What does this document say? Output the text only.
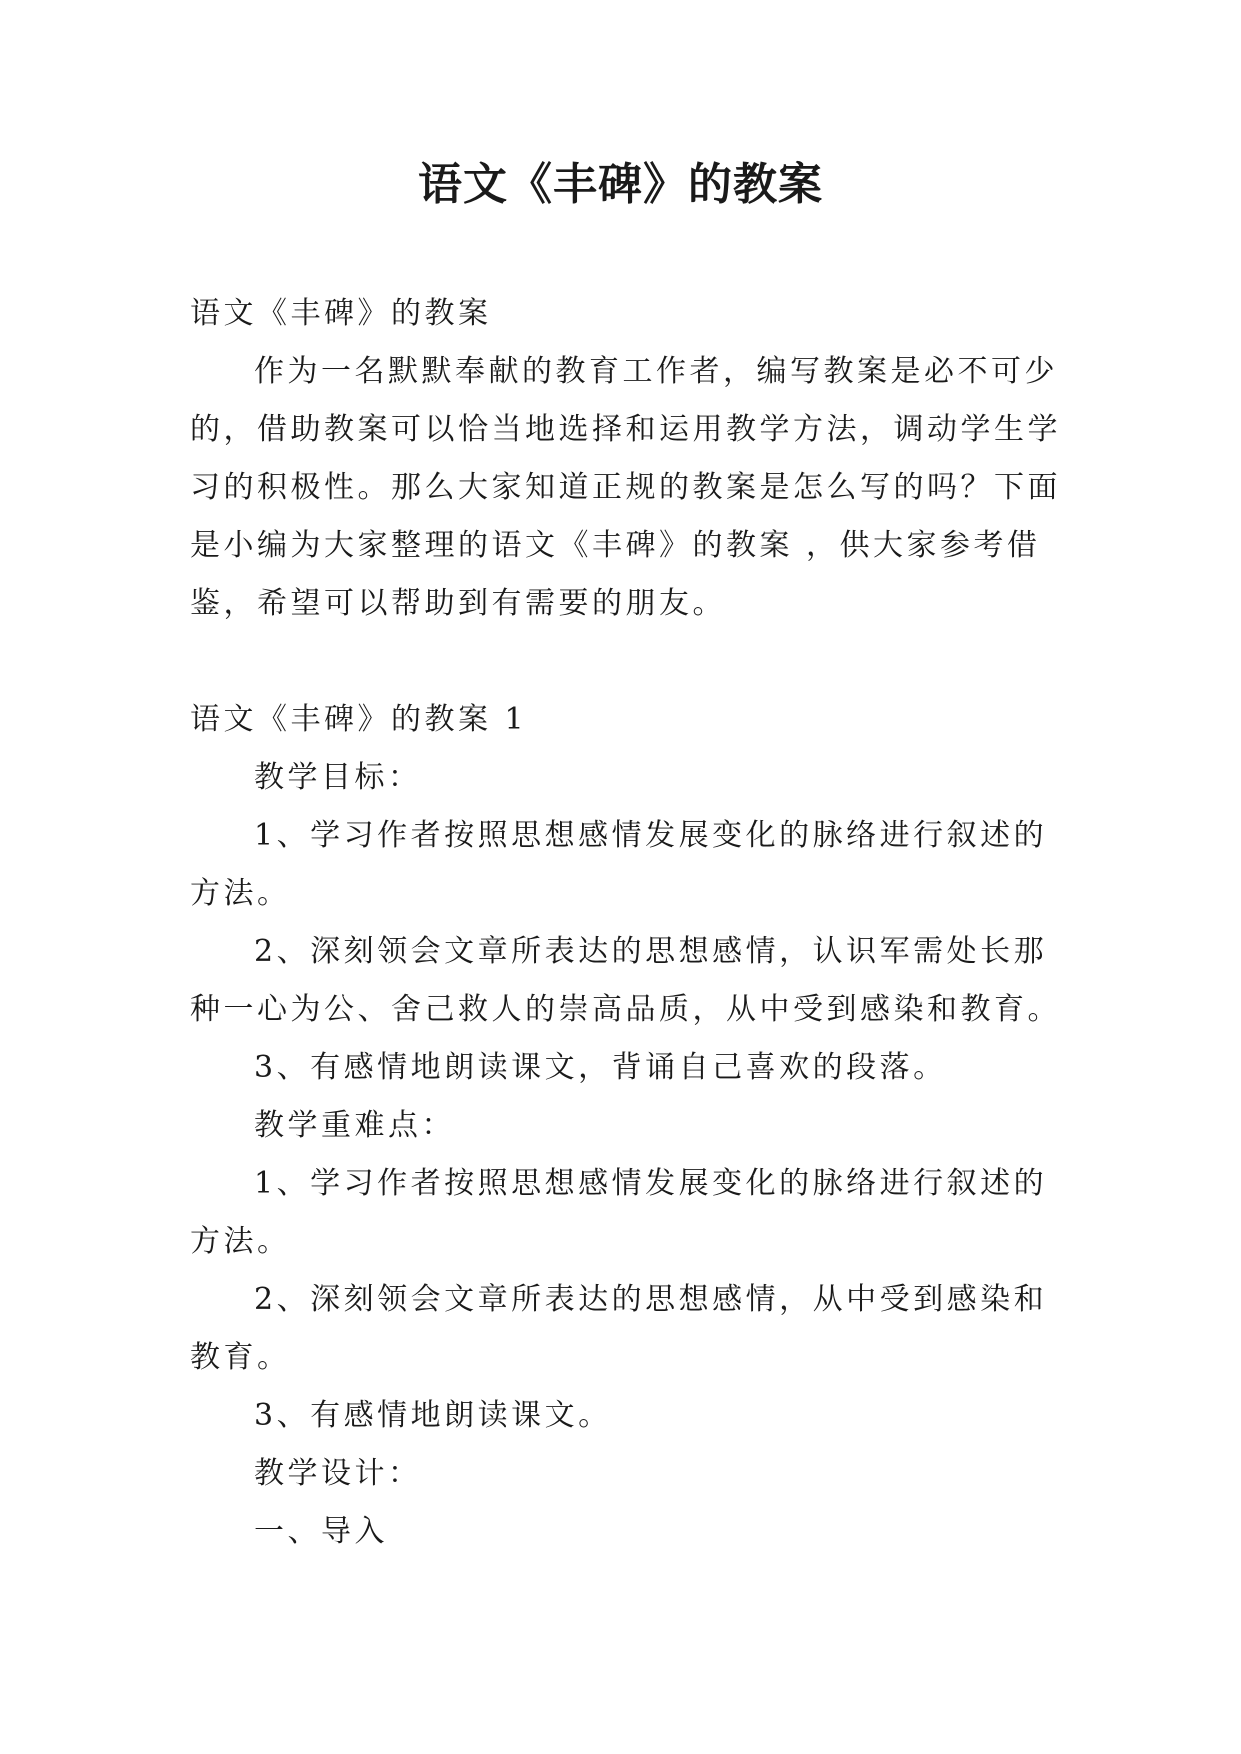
语文《丰碑》的教案

语文《丰碑》的教案

作为一名默默奉献的教育工作者，编写教案是必不可少的，借助教案可以恰当地选择和运用教学方法，调动学生学习的积极性。那么大家知道正规的教案是怎么写的吗？下面是小编为大家整理的语文《丰碑》的教案 ，供大家参考借鉴，希望可以帮助到有需要的朋友。

语文《丰碑》的教案 1

教学目标：

1、学习作者按照思想感情发展变化的脉络进行叙述的方法。

2、深刻领会文章所表达的思想感情，认识军需处长那种一心为公、舍己救人的崇高品质，从中受到感染和教育。

3、有感情地朗读课文，背诵自己喜欢的段落。

教学重难点：

1、学习作者按照思想感情发展变化的脉络进行叙述的方法。

2、深刻领会文章所表达的思想感情，从中受到感染和教育。

3、有感情地朗读课文。

教学设计：

一、导入
